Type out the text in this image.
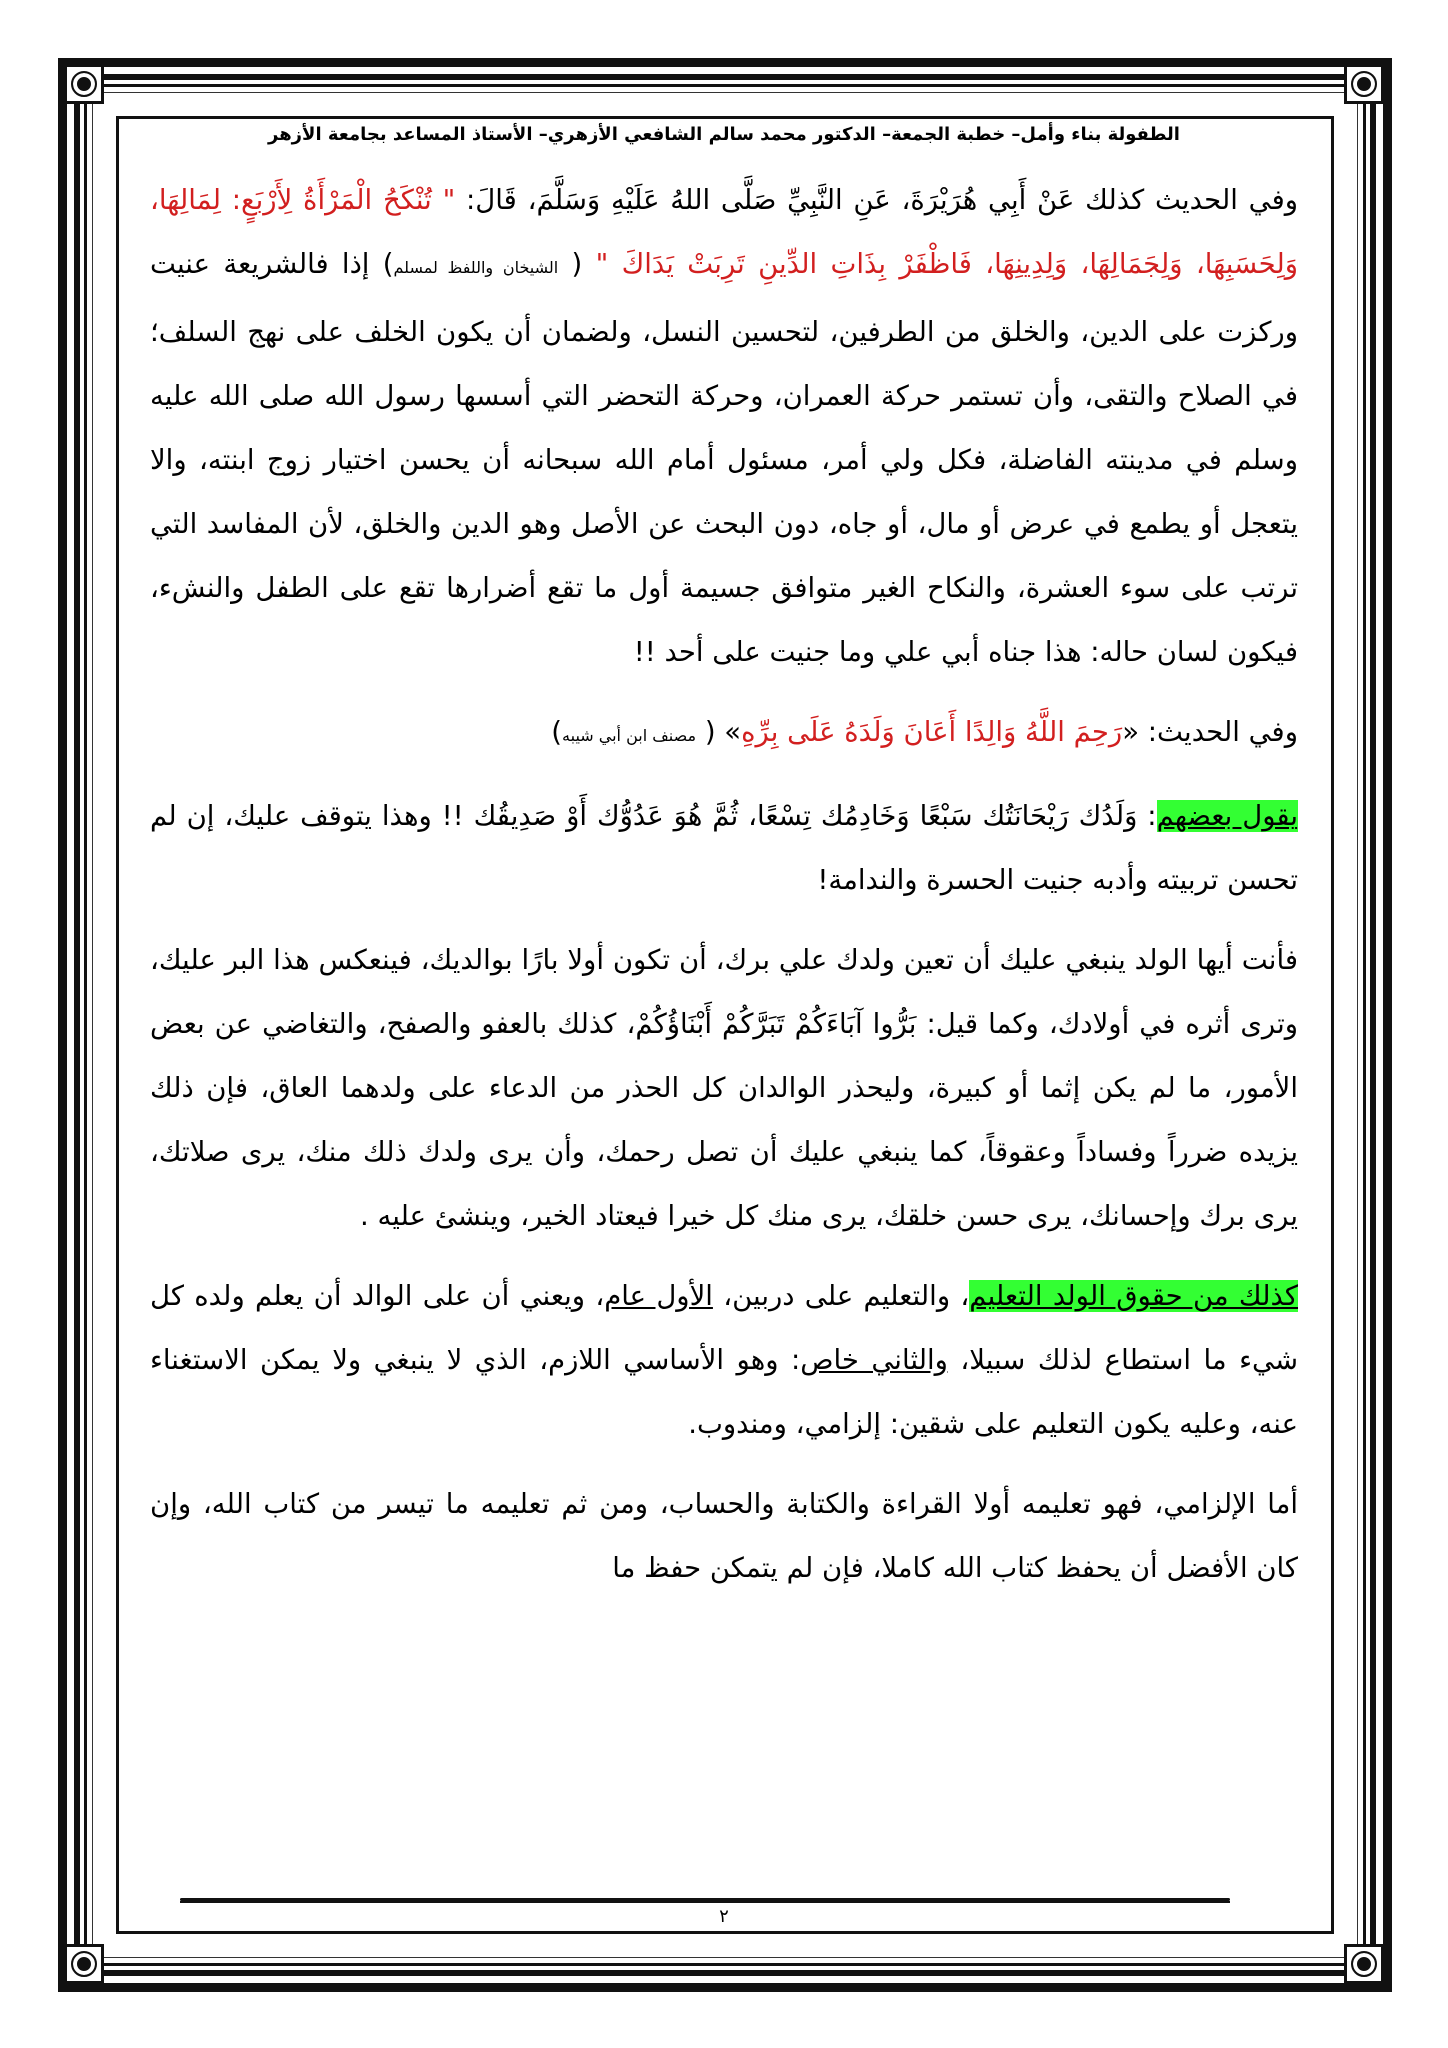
الطفولة بناء وأمل– خطبة الجمعة– الدكتور محمد سالم الشافعي الأزهري– الأستاذ المساعد بجامعة الأزهر

وفي الحديث كذلك عَنْ أَبِي هُرَيْرَةَ، عَنِ النَّبِيِّ صَلَّى اللهُ عَلَيْهِ وَسَلَّمَ، قَالَ: " تُنْكَحُ الْمَرْأَةُ لِأَرْبَعٍ: لِمَالِهَا، وَلِحَسَبِهَا، وَلِجَمَالِهَا، وَلِدِينِهَا، فَاظْفَرْ بِذَاتِ الدِّينِ تَرِبَتْ يَدَاكَ " ( الشيخان واللفظ لمسلم) إذا فالشريعة عنيت وركزت على الدين، والخلق من الطرفين، لتحسين النسل، ولضمان أن يكون الخلف على نهج السلف؛ في الصلاح والتقى، وأن تستمر حركة العمران، وحركة التحضر التي أسسها رسول الله صلى الله عليه وسلم في مدينته الفاضلة، فكل ولي أمر، مسئول أمام الله سبحانه أن يحسن اختيار زوج ابنته، والا يتعجل أو يطمع في عرض أو مال، أو جاه، دون البحث عن الأصل وهو الدين والخلق، لأن المفاسد التي ترتب على سوء العشرة، والنكاح الغير متوافق جسيمة أول ما تقع أضرارها تقع على الطفل والنشء، فيكون لسان حاله: هذا جناه أبي علي وما جنيت على أحد !!

وفي الحديث: «رَحِمَ اللَّهُ وَالِدًا أَعَانَ وَلَدَهُ عَلَى بِرِّهِ» ( مصنف ابن أبي شيبه)

يقول بعضهم: وَلَدُك رَيْحَانَتُك سَبْعًا وَخَادِمُك تِسْعًا، ثُمَّ هُوَ عَدُوُّك أَوْ صَدِيقُك !! وهذا يتوقف عليك، إن لم تحسن تربيته وأدبه جنيت الحسرة والندامة!

فأنت أيها الولد ينبغي عليك أن تعين ولدك علي برك، أن تكون أولا بارًا بوالديك، فينعكس هذا البر عليك، وترى أثره في أولادك، وكما قيل: بَرُّوا آبَاءَكُمْ تَبَرَّكُمْ أَبْنَاؤُكُمْ، كذلك بالعفو والصفح، والتغاضي عن بعض الأمور، ما لم يكن إثما أو كبيرة، وليحذر الوالدان كل الحذر من الدعاء على ولدهما العاق، فإن ذلك يزيده ضرراً وفساداً وعقوقاً، كما ينبغي عليك أن تصل رحمك، وأن يرى ولدك ذلك منك، يرى صلاتك، يرى برك وإحسانك، يرى حسن خلقك، يرى منك كل خيرا فيعتاد الخير، وينشئ عليه .

كذلك من حقوق الولد التعليم، والتعليم على دربين، الأول عام، ويعني أن على الوالد أن يعلم ولده كل شيء ما استطاع لذلك سبيلا، والثاني خاص: وهو الأساسي اللازم، الذي لا ينبغي ولا يمكن الاستغناء عنه، وعليه يكون التعليم على شقين: إلزامي، ومندوب.

أما الإلزامي، فهو تعليمه أولا القراءة والكتابة والحساب، ومن ثم تعليمه ما تيسر من كتاب الله، وإن كان الأفضل أن يحفظ كتاب الله كاملا، فإن لم يتمكن حفظ ما

٢
